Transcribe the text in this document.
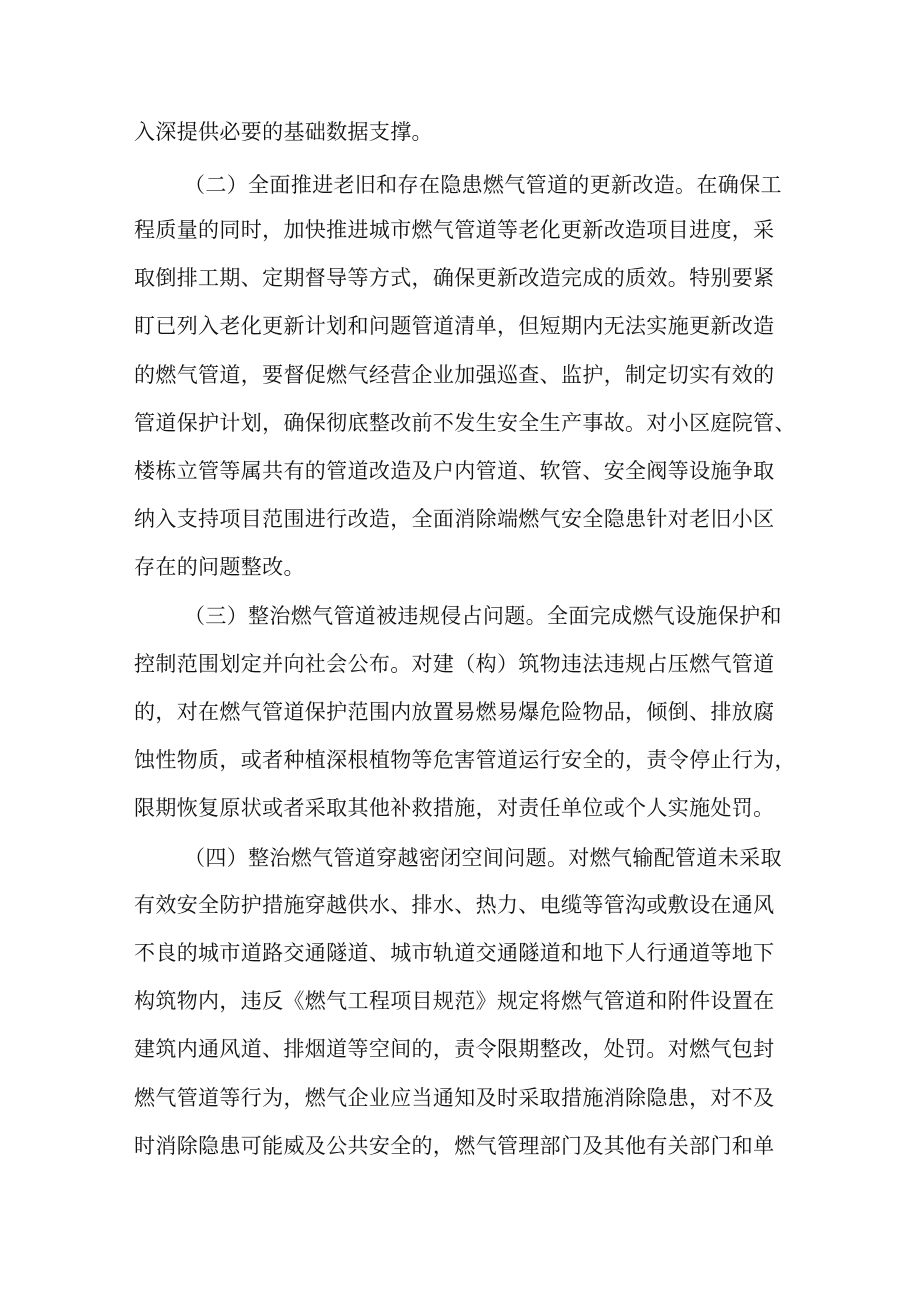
入深提供必要的基础数据支撑。
（二）全面推进老旧和存在隐患燃气管道的更新改造。在确保工
程质量的同时，加快推进城市燃气管道等老化更新改造项目进度，采
取倒排工期、定期督导等方式，确保更新改造完成的质效。特别要紧
盯已列入老化更新计划和问题管道清单，但短期内无法实施更新改造
的燃气管道，要督促燃气经营企业加强巡查、监护，制定切实有效的
管道保护计划，确保彻底整改前不发生安全生产事故。对小区庭院管、
楼栋立管等属共有的管道改造及户内管道、软管、安全阀等设施争取
纳入支持项目范围进行改造，全面消除端燃气安全隐患针对老旧小区
存在的问题整改。
（三）整治燃气管道被违规侵占问题。全面完成燃气设施保护和
控制范围划定并向社会公布。对建（构）筑物违法违规占压燃气管道
的，对在燃气管道保护范围内放置易燃易爆危险物品，倾倒、排放腐
蚀性物质，或者种植深根植物等危害管道运行安全的，责令停止行为，
限期恢复原状或者采取其他补救措施，对责任单位或个人实施处罚。
（四）整治燃气管道穿越密闭空间问题。对燃气输配管道未采取
有效安全防护措施穿越供水、排水、热力、电缆等管沟或敷设在通风
不良的城市道路交通隧道、城市轨道交通隧道和地下人行通道等地下
构筑物内，违反《燃气工程项目规范》规定将燃气管道和附件设置在
建筑内通风道、排烟道等空间的，责令限期整改，处罚。对燃气包封
燃气管道等行为，燃气企业应当通知及时采取措施消除隐患，对不及
时消除隐患可能威及公共安全的，燃气管理部门及其他有关部门和单
